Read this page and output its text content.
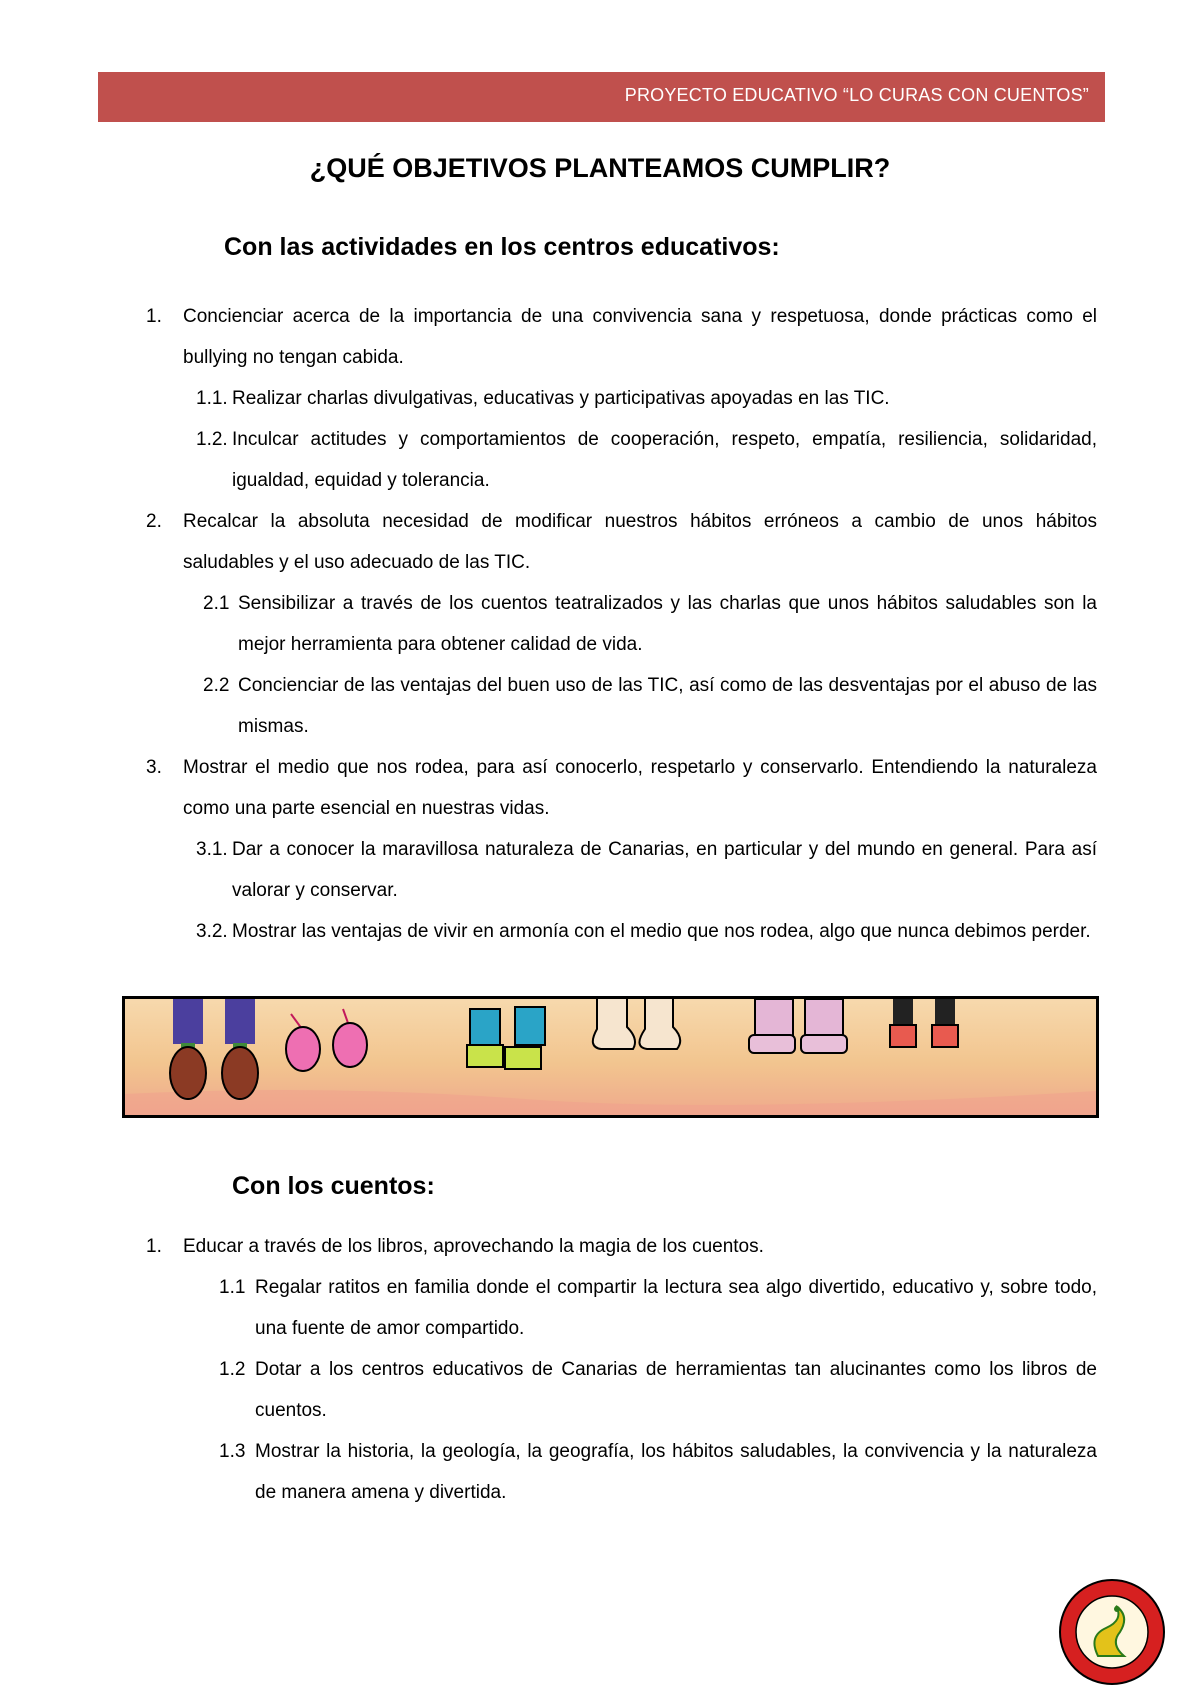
PROYECTO EDUCATIVO “LO CURAS CON CUENTOS”
¿QUÉ OBJETIVOS PLANTEAMOS CUMPLIR?
Con las actividades en los centros educativos:
1. Concienciar acerca de la importancia de una convivencia sana y respetuosa, donde prácticas como el bullying no tengan cabida.
1.1. Realizar charlas divulgativas, educativas y participativas apoyadas en las TIC.
1.2. Inculcar actitudes y comportamientos de cooperación, respeto, empatía, resiliencia, solidaridad, igualdad, equidad y tolerancia.
2. Recalcar la absoluta necesidad de modificar nuestros hábitos erróneos a cambio de unos hábitos saludables y el uso adecuado de las TIC.
2.1 Sensibilizar a través de los cuentos teatralizados y las charlas que unos hábitos saludables son la mejor herramienta para obtener calidad de vida.
2.2 Concienciar de las ventajas del buen uso de las TIC, así como de las desventajas por el abuso de las mismas.
3. Mostrar el medio que nos rodea, para así conocerlo, respetarlo y conservarlo. Entendiendo la naturaleza como una parte esencial en nuestras vidas.
3.1. Dar a conocer la maravillosa naturaleza de Canarias, en particular y del mundo en general. Para así valorar y conservar.
3.2. Mostrar las ventajas de vivir en armonía con el medio que nos rodea, algo que nunca debimos perder.
Con los cuentos:
1. Educar a través de los libros, aprovechando la magia de los cuentos.
1.1 Regalar ratitos en familia donde el compartir la lectura sea algo divertido, educativo y, sobre todo, una fuente de amor compartido.
1.2 Dotar a los centros educativos de Canarias de herramientas tan alucinantes como los libros de cuentos.
1.3 Mostrar la historia, la geología, la geografía, los hábitos saludables, la convivencia y la naturaleza de manera amena y divertida.
